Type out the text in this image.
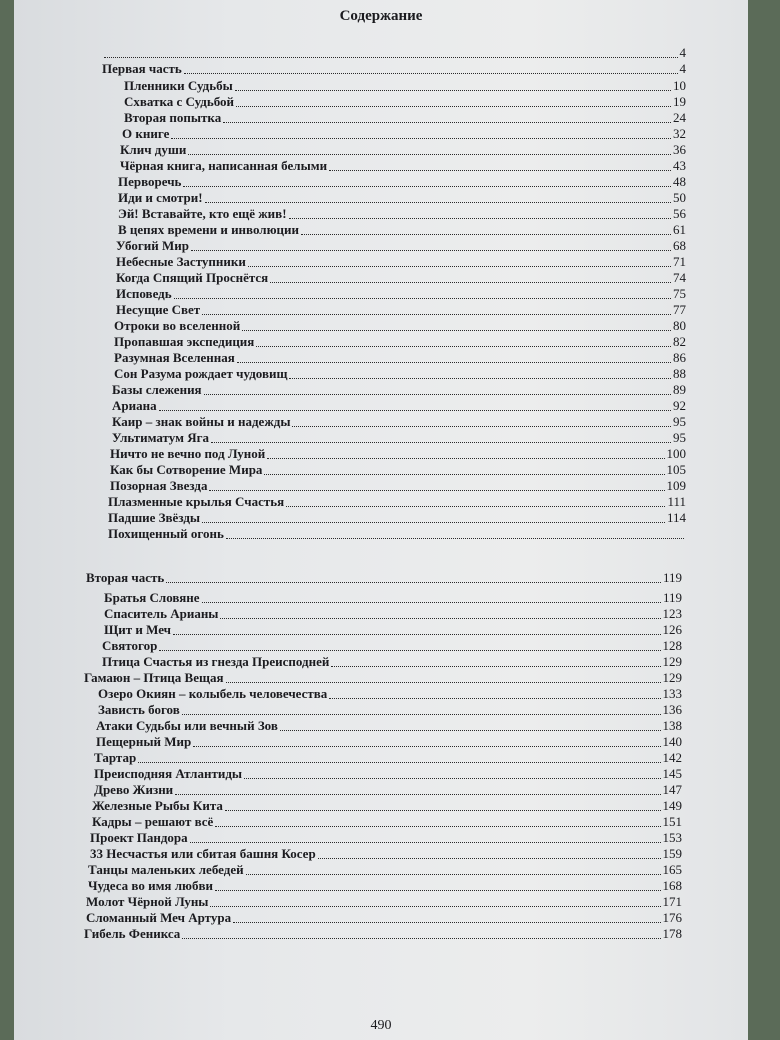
Содержание
4
Первая часть	4
Пленники Судьбы	10
Схватка с Судьбой	19
Вторая попытка	24
О книге	32
Клич души	36
Чёрная книга, написанная белыми	43
Перворечь	48
Иди и смотри!	50
Эй! Вставайте, кто ещё жив!	56
В цепях времени и инволюции	61
Убогий Мир	68
Небесные Заступники	71
Когда Спящий Проснётся	74
Исповедь	75
Несущие Свет	77
Отроки во вселенной	80
Пропавшая экспедиция	82
Разумная Вселенная	86
Сон Разума рождает чудовищ	88
Базы слежения	89
Ариана	92
Каир – знак войны и надежды	95
Ультиматум Яга	95
Ничто не вечно под Луной	100
Как бы Сотворение Мира	105
Позорная Звезда	109
Плазменные крылья Счастья	111
Падшие Звёзды	114
Похищенный огонь
Вторая часть	119
Братья Словяне	119
Спаситель Арианы	123
Щит и Меч	126
Святогор	128
Птица Счастья из гнезда Преисподней	129
Гамаюн – Птица Вещая	129
Озеро Окиян – колыбель человечества	133
Зависть богов	136
Атаки Судьбы или вечный Зов	138
Пещерный Мир	140
Тартар	142
Преисподняя Атлантиды	145
Древо Жизни	147
Железные Рыбы Кита	149
Кадры – решают всё	151
Проект Пандора	153
33 Несчастья или сбитая башня Косер	159
Танцы маленьких лебедей	165
Чудеса во имя любви	168
Молот Чёрной Луны	171
Сломанный Меч Артура	176
Гибель Феникса	178
490
